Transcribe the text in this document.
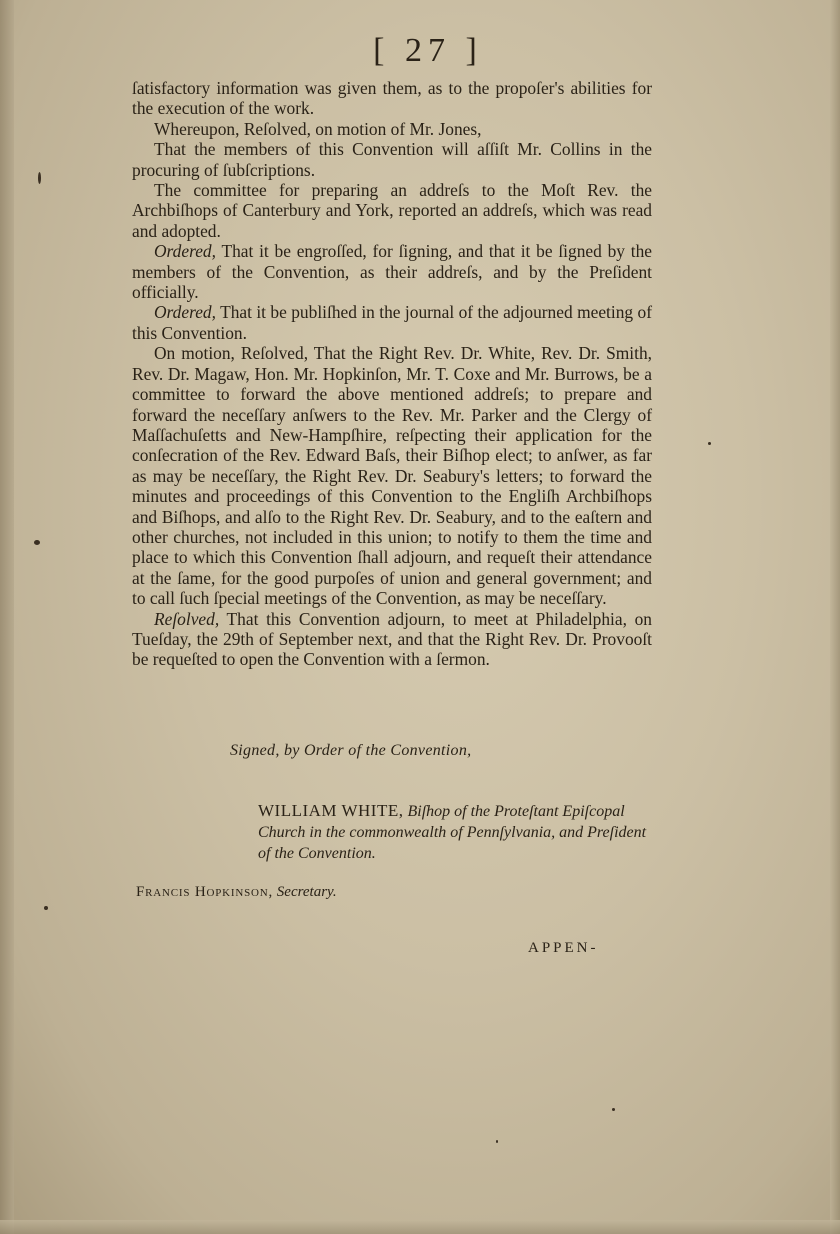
[ 27 ]

ſatisfactory information was given them, as to the propoſer's abilities for the execution of the work.

Whereupon, Reſolved, on motion of Mr. Jones,

That the members of this Convention will aſſiſt Mr. Collins in the procuring of ſubſcriptions.

The committee for preparing an addreſs to the Moſt Rev. the Archbiſhops of Canterbury and York, reported an addreſs, which was read and adopted.

Ordered, That it be engroſſed, for ſigning, and that it be ſigned by the members of the Convention, as their addreſs, and by the Preſident officially.

Ordered, That it be publiſhed in the journal of the adjourned meeting of this Convention.

On motion, Reſolved, That the Right Rev. Dr. White, Rev. Dr. Smith, Rev. Dr. Magaw, Hon. Mr. Hopkinſon, Mr. T. Coxe and Mr. Burrows, be a committee to forward the above mentioned addreſs; to prepare and forward the neceſſary anſwers to the Rev. Mr. Parker and the Clergy of Maſſachuſetts and New-Hampſhire, reſpecting their application for the conſecration of the Rev. Edward Baſs, their Biſhop elect; to anſwer, as far as may be neceſſary, the Right Rev. Dr. Seabury's letters; to forward the minutes and proceedings of this Convention to the Engliſh Archbiſhops and Biſhops, and alſo to the Right Rev. Dr. Seabury, and to the eaſtern and other churches, not included in this union; to notify to them the time and place to which this Convention ſhall adjourn, and requeſt their attendance at the ſame, for the good purpoſes of union and general government; and to call ſuch ſpecial meetings of the Convention, as may be neceſſary.

Reſolved, That this Convention adjourn, to meet at Philadelphia, on Tueſday, the 29th of September next, and that the Right Rev. Dr. Provooſt be requeſted to open the Convention with a ſermon.

Signed, by Order of the Convention,
WILLIAM WHITE, Biſhop of the Proteſtant Epiſcopal Church in the commonwealth of Pennſylvania, and Preſident of the Convention.
Francis Hopkinson, Secretary.
APPEN-
